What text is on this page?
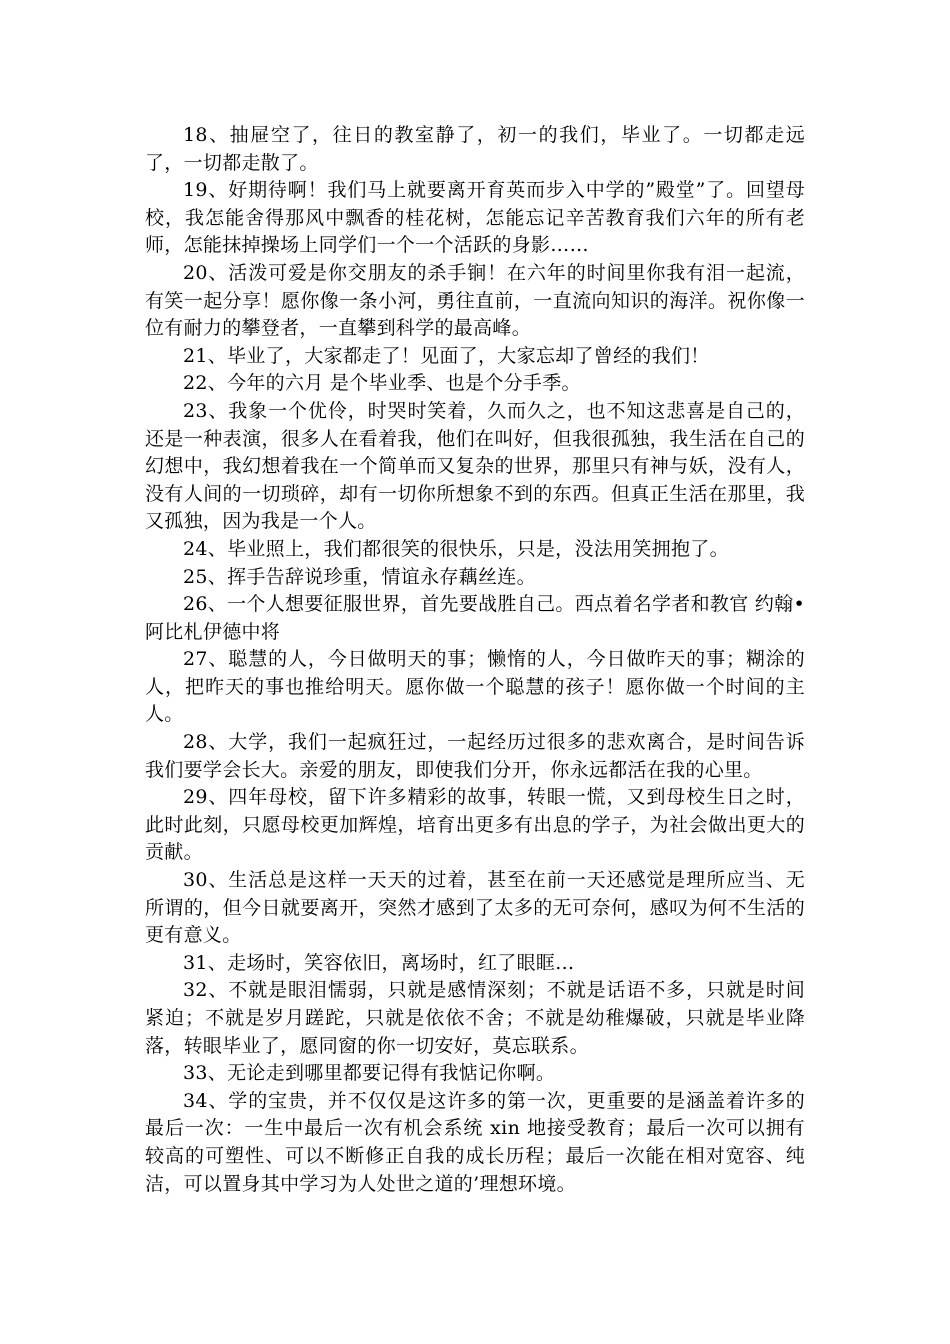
18、抽屉空了，往日的教室静了，初一的我们，毕业了。一切都走远了，一切都走散了。

19、好期待啊！我们马上就要离开育英而步入中学的”殿堂”了。回望母校，我怎能舍得那风中飘香的桂花树，怎能忘记辛苦教育我们六年的所有老师，怎能抹掉操场上同学们一个一个活跃的身影……

20、活泼可爱是你交朋友的杀手锏！在六年的时间里你我有泪一起流，有笑一起分享！愿你像一条小河，勇往直前，一直流向知识的海洋。祝你像一位有耐力的攀登者，一直攀到科学的最高峰。

21、毕业了，大家都走了！见面了，大家忘却了曾经的我们！

22、今年的六月 是个毕业季、也是个分手季。

23、我象一个优伶，时哭时笑着，久而久之，也不知这悲喜是自己的，还是一种表演，很多人在看着我，他们在叫好，但我很孤独，我生活在自己的幻想中，我幻想着我在一个简单而又复杂的世界，那里只有神与妖，没有人，没有人间的一切琐碎，却有一切你所想象不到的东西。但真正生活在那里，我又孤独，因为我是一个人。

24、毕业照上，我们都很笑的很快乐，只是，没法用笑拥抱了。

25、挥手告辞说珍重，情谊永存藕丝连。

26、一个人想要征服世界，首先要战胜自己。西点着名学者和教官 约翰•阿比札伊德中将

27、聪慧的人，今日做明天的事；懒惰的人，今日做昨天的事；糊涂的人，把昨天的事也推给明天。愿你做一个聪慧的孩子！愿你做一个时间的主人。

28、大学，我们一起疯狂过，一起经历过很多的悲欢离合，是时间告诉我们要学会长大。亲爱的朋友，即使我们分开，你永远都活在我的心里。

29、四年母校，留下许多精彩的故事，转眼一慌，又到母校生日之时，此时此刻，只愿母校更加辉煌，培育出更多有出息的学子，为社会做出更大的贡献。

30、生活总是这样一天天的过着，甚至在前一天还感觉是理所应当、无所谓的，但今日就要离开，突然才感到了太多的无可奈何，感叹为何不生活的更有意义。

31、走场时，笑容依旧，离场时，红了眼眶…

32、不就是眼泪懦弱，只就是感情深刻；不就是话语不多，只就是时间紧迫；不就是岁月蹉跎，只就是依依不舍；不就是幼稚爆破，只就是毕业降落，转眼毕业了，愿同窗的你一切安好，莫忘联系。

33、无论走到哪里都要记得有我惦记你啊。

34、学的宝贵，并不仅仅是这许多的第一次，更重要的是涵盖着许多的最后一次：一生中最后一次有机会系统 xin 地接受教育；最后一次可以拥有较高的可塑性、可以不断修正自我的成长历程；最后一次能在相对宽容、纯洁，可以置身其中学习为人处世之道的’理想环境。
